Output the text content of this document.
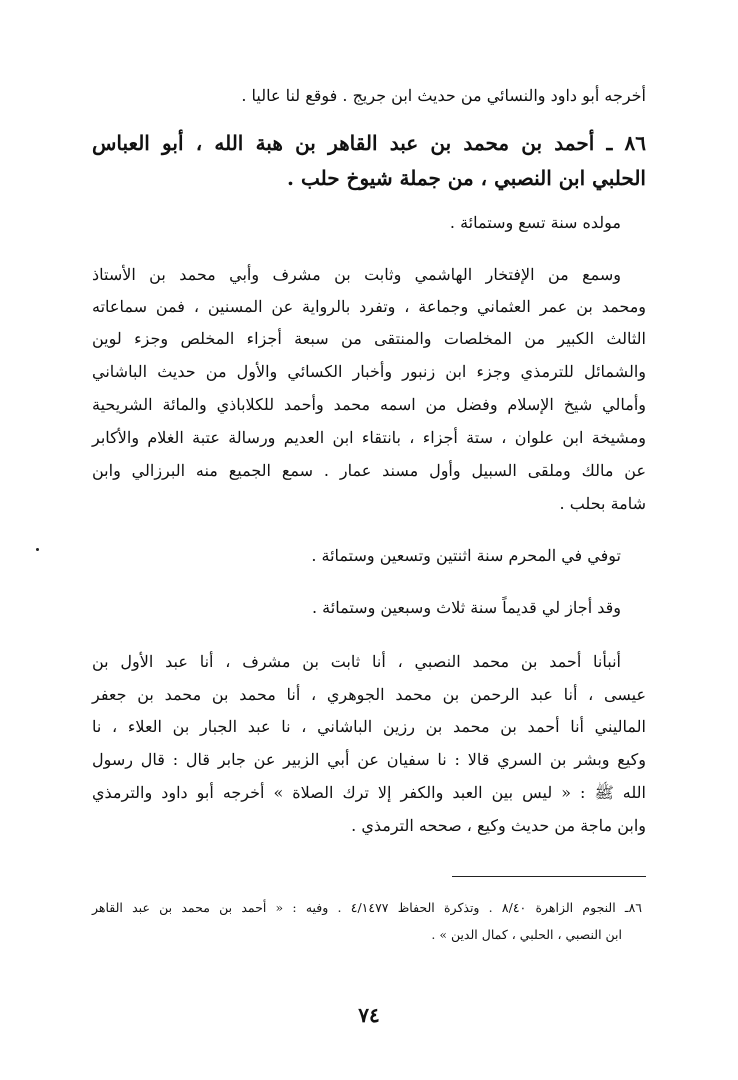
أخرجه أبو داود والنسائي من حديث ابن جريج . فوقع لنا عاليا .
٨٦ ـ أحمد بن محمد بن عبد القاهر بن هبة الله ، أبو العباس
الحلبي ابن النصبي ، من جملة شيوخ حلب .
مولده سنة تسع وستمائة .
وسمع من الإفتخار الهاشمي وثابت بن مشرف وأبي محمد بن الأستاذ
ومحمد بن عمر العثماني وجماعة ، وتفرد بالرواية عن المسنين ، فمن سماعاته
الثالث الكبير من المخلصات والمنتقى من سبعة أجزاء المخلص وجزء لوين
والشمائل للترمذي وجزء ابن زنبور وأخبار الكسائي والأول من حديث الباشاني
وأمالي شيخ الإسلام وفضل من اسمه محمد وأحمد للكلاباذي والمائة الشريحية
ومشيخة ابن علوان ، ستة أجزاء ، بانتقاء ابن العديم ورسالة عتبة الغلام والأكابر
عن مالك وملقى السبيل وأول مسند عمار . سمع الجميع منه البرزالي وابن
شامة بحلب .
توفي في المحرم سنة اثنتين وتسعين وستمائة .
وقد أجاز لي قديماً سنة ثلاث وسبعين وستمائة .
أنبأنا أحمد بن محمد النصبي ، أنا ثابت بن مشرف ، أنا عبد الأول بن
عيسى ، أنا عبد الرحمن بن محمد الجوهري ، أنا محمد بن محمد بن جعفر
الماليني أنا أحمد بن محمد بن رزين الباشاني ، نا عبد الجبار بن العلاء ، نا
وكيع وبشر بن السري قالا : نا سفيان عن أبي الزبير عن جابر قال : قال رسول
الله ﷺ : « ليس بين العبد والكفر إلا ترك الصلاة » أخرجه أبو داود والترمذي
وابن ماجة من حديث وكيع ، صححه الترمذي .
٨٦ـ النجوم الزاهرة ٨/٤٠ . وتذكرة الحفاظ ٤/١٤٧٧ . وفيه : « أحمد بن محمد بن عبد القاهر
ابن النصبي ، الحلبي ، كمال الدين » .
٧٤
